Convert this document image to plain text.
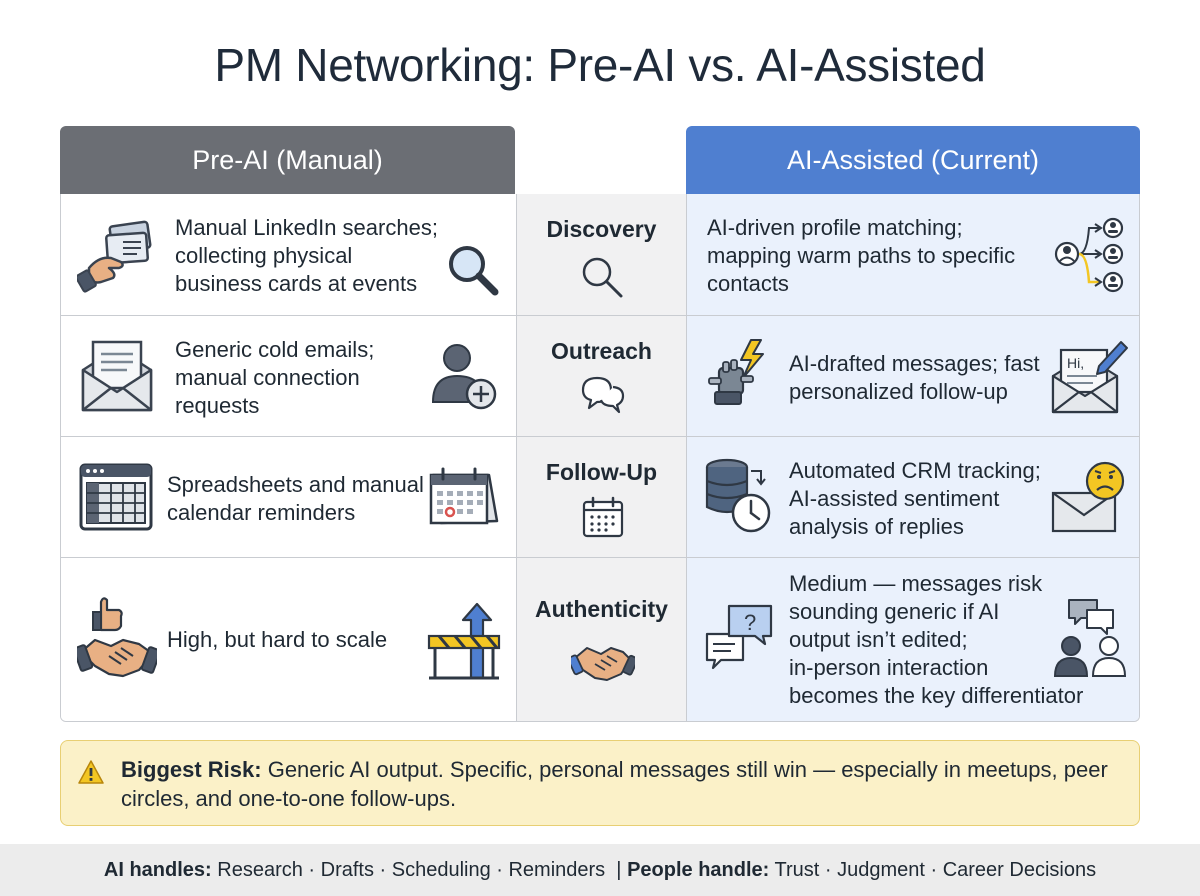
PM Networking: Pre-AI vs. AI-Assisted
Pre-AI (Manual)	AI-Assisted (Current)
Manual LinkedIn searches;
collecting physical
business cards at events
Generic cold emails;
manual connection
requests
Spreadsheets and manual
calendar reminders
High, but hard to scale
Discovery
Outreach
Follow-Up
Authenticity
AI-driven profile matching;
mapping warm paths to specific
contacts
AI-drafted messages; fast
personalized follow-up
Hi,
Automated CRM tracking;
AI-assisted sentiment
analysis of replies
?
Medium — messages risk
sounding generic if AI
output isn’t edited;
in-person interaction
becomes the key differentiator
Biggest Risk: Generic AI output. Specific, personal messages still win — especially in meetups, peer circles, and one-to-one follow-ups.
AI handles: Research · Drafts · Scheduling · Reminders | People handle: Trust · Judgment · Career Decisions
